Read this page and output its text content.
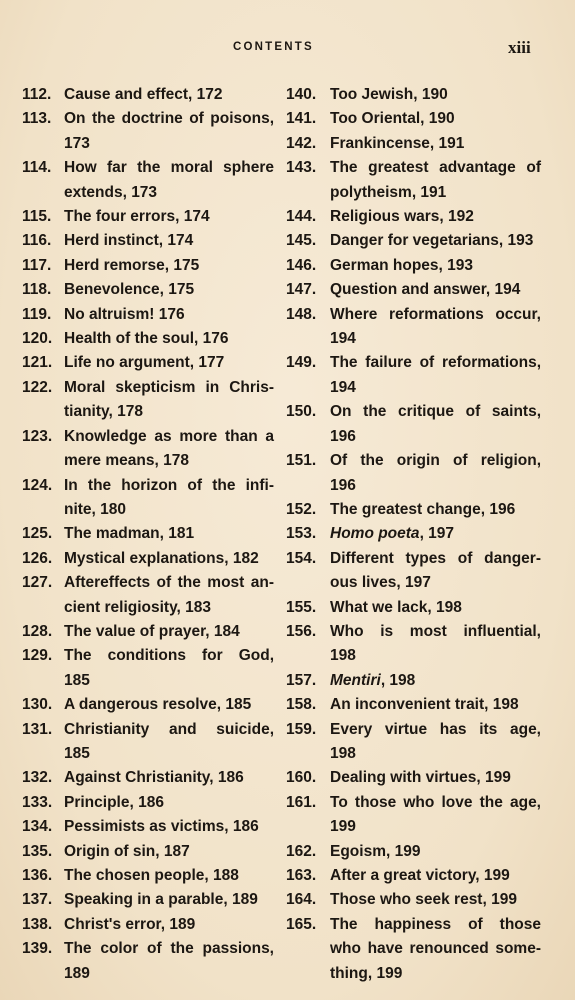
CONTENTS	xiii
112. Cause and effect, 172
113. On the doctrine of poisons,
173
114. How far the moral sphere
extends, 173
115. The four errors, 174
116. Herd instinct, 174
117. Herd remorse, 175
118. Benevolence, 175
119. No altruism! 176
120. Health of the soul, 176
121. Life no argument, 177
122. Moral skepticism in Chris-
tianity, 178
123. Knowledge as more than a
mere means, 178
124. In the horizon of the infi-
nite, 180
125. The madman, 181
126. Mystical explanations, 182
127. Aftereffects of the most an-
cient religiosity, 183
128. The value of prayer, 184
129. The conditions for God,
185
130. A dangerous resolve, 185
131. Christianity and suicide,
185
132. Against Christianity, 186
133. Principle, 186
134. Pessimists as victims, 186
135. Origin of sin, 187
136. The chosen people, 188
137. Speaking in a parable, 189
138. Christ's error, 189
139. The color of the passions,
189
140. Too Jewish, 190
141. Too Oriental, 190
142. Frankincense, 191
143. The greatest advantage of
polytheism, 191
144. Religious wars, 192
145. Danger for vegetarians, 193
146. German hopes, 193
147. Question and answer, 194
148. Where reformations occur,
194
149. The failure of reformations,
194
150. On the critique of saints,
196
151. Of the origin of religion,
196
152. The greatest change, 196
153. Homo poeta, 197
154. Different types of danger-
ous lives, 197
155. What we lack, 198
156. Who is most influential,
198
157. Mentiri, 198
158. An inconvenient trait, 198
159. Every virtue has its age,
198
160. Dealing with virtues, 199
161. To those who love the age,
199
162. Egoism, 199
163. After a great victory, 199
164. Those who seek rest, 199
165. The happiness of those
who have renounced some-
thing, 199
